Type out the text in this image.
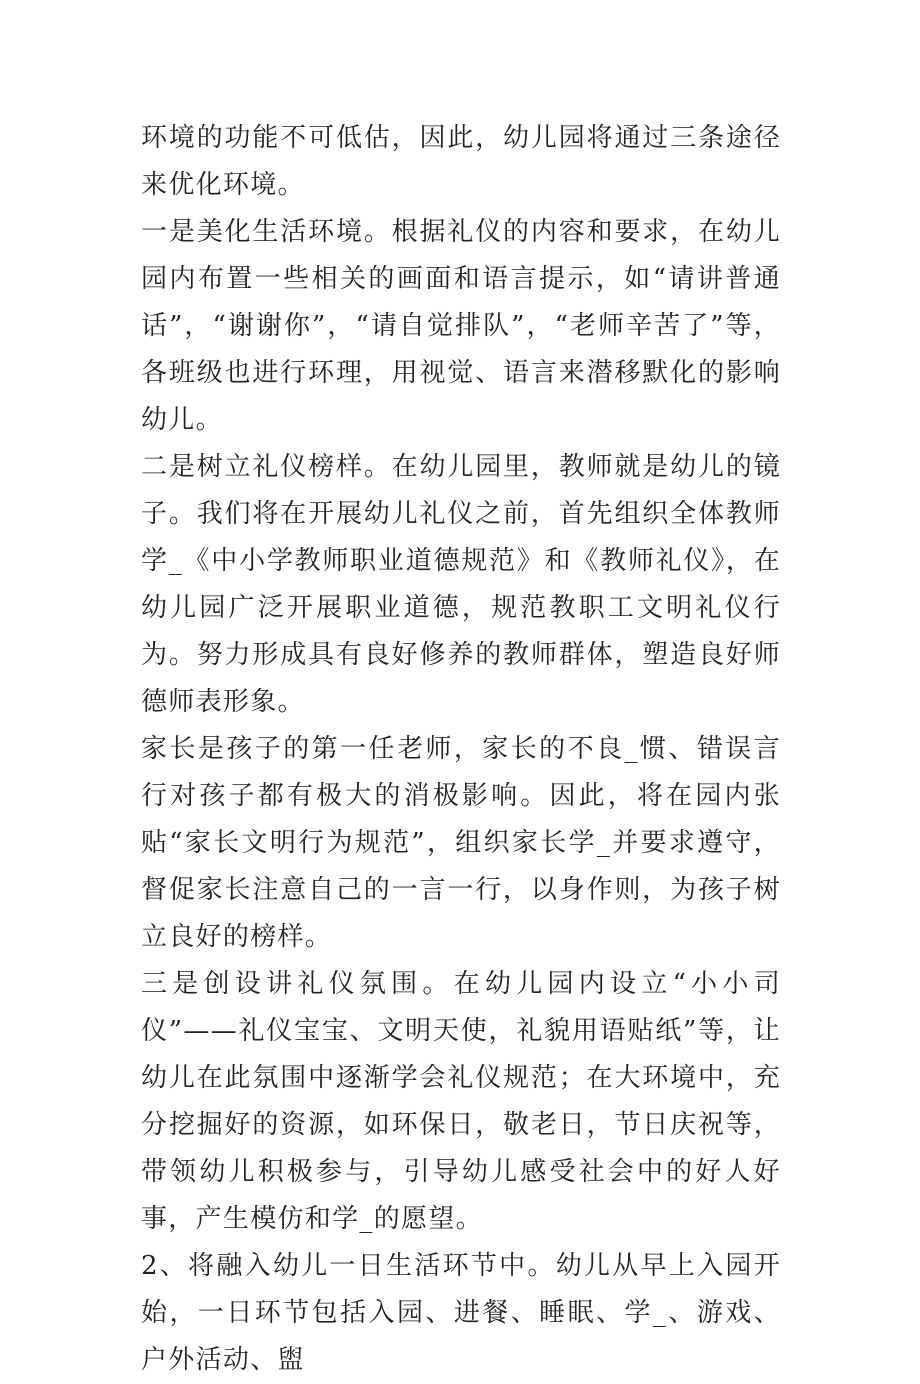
环境的功能不可低估，因此，幼儿园将通过三条途径来优化环境。

一是美化生活环境。根据礼仪的内容和要求，在幼儿园内布置一些相关的画面和语言提示，如“请讲普通话”，“谢谢你”，“请自觉排队”，“老师辛苦了”等，各班级也进行环理，用视觉、语言来潜移默化的影响幼儿。

二是树立礼仪榜样。在幼儿园里，教师就是幼儿的镜子。我们将在开展幼儿礼仪之前，首先组织全体教师学_《中小学教师职业道德规范》和《教师礼仪》，在幼儿园广泛开展职业道德，规范教职工文明礼仪行为。努力形成具有良好修养的教师群体，塑造良好师德师表形象。

家长是孩子的第一任老师，家长的不良_惯、错误言行对孩子都有极大的消极影响。因此，将在园内张贴“家长文明行为规范”，组织家长学_并要求遵守，督促家长注意自己的一言一行，以身作则，为孩子树立良好的榜样。

三是创设讲礼仪氛围。在幼儿园内设立“小小司仪”——礼仪宝宝、文明天使，礼貌用语贴纸”等，让幼儿在此氛围中逐渐学会礼仪规范；在大环境中，充分挖掘好的资源，如环保日，敬老日，节日庆祝等，带领幼儿积极参与，引导幼儿感受社会中的好人好事，产生模仿和学_的愿望。

2、将融入幼儿一日生活环节中。幼儿从早上入园开始，一日环节包括入园、进餐、睡眠、学_、游戏、户外活动、盥
